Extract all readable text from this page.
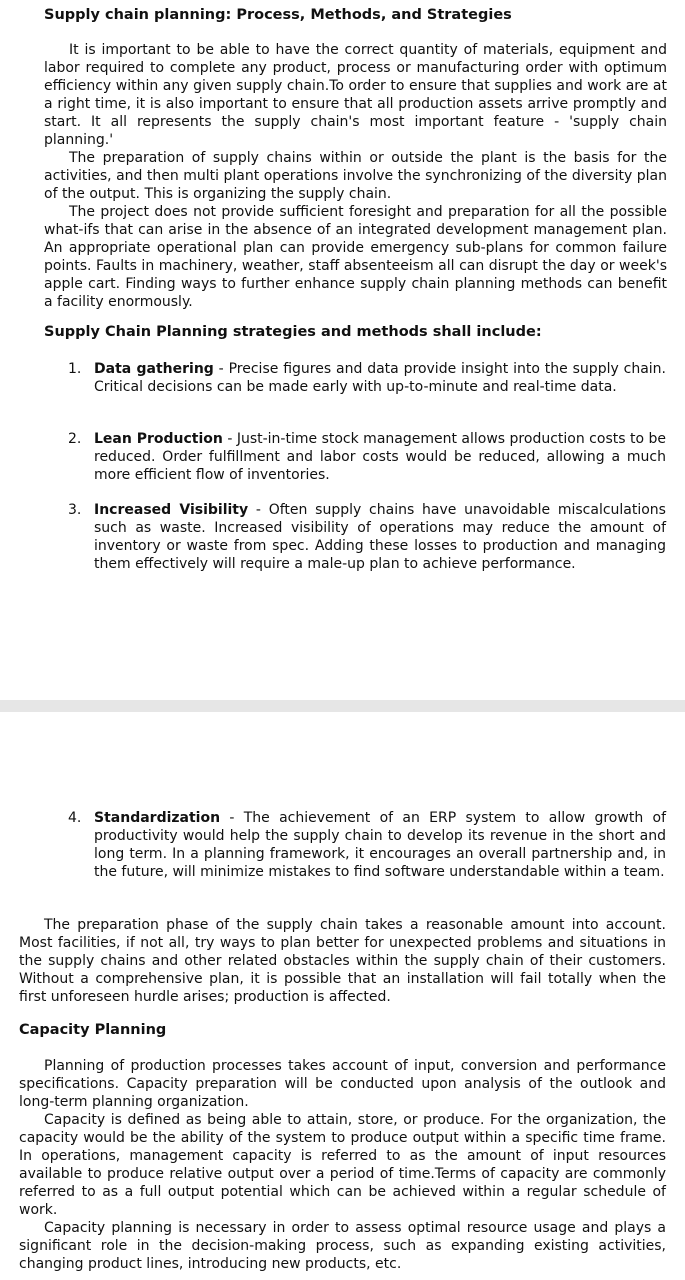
Supply chain planning: Process, Methods, and Strategies

It is important to be able to have the correct quantity of materials, equipment and labor required to complete any product, process or manufacturing order with optimum efficiency within any given supply chain.To order to ensure that supplies and work are at a right time, it is also important to ensure that all production assets arrive promptly and start. It all represents the supply chain's most important feature - 'supply chain planning.'

The preparation of supply chains within or outside the plant is the basis for the activities, and then multi plant operations involve the synchronizing of the diversity plan of the output. This is organizing the supply chain.

The project does not provide sufficient foresight and preparation for all the possible what-ifs that can arise in the absence of an integrated development management plan. An appropriate operational plan can provide emergency sub-plans for common failure points. Faults in machinery, weather, staff absenteeism all can disrupt the day or week's apple cart. Finding ways to further enhance supply chain planning methods can benefit a facility enormously.

Supply Chain Planning strategies and methods shall include:
1. Data gathering - Precise figures and data provide insight into the supply chain. Critical decisions can be made early with up-to-minute and real-time data.
2. Lean Production - Just-in-time stock management allows production costs to be reduced. Order fulfillment and labor costs would be reduced, allowing a much more efficient flow of inventories.
3. Increased Visibility - Often supply chains have unavoidable miscalculations such as waste. Increased visibility of operations may reduce the amount of inventory or waste from spec. Adding these losses to production and managing them effectively will require a male-up plan to achieve performance.
4. Standardization - The achievement of an ERP system to allow growth of productivity would help the supply chain to develop its revenue in the short and long term. In a planning framework, it encourages an overall partnership and, in the future, will minimize mistakes to find software understandable within a team.

The preparation phase of the supply chain takes a reasonable amount into account. Most facilities, if not all, try ways to plan better for unexpected problems and situations in the supply chains and other related obstacles within the supply chain of their customers. Without a comprehensive plan, it is possible that an installation will fail totally when the first unforeseen hurdle arises; production is affected.

Capacity Planning

Planning of production processes takes account of input, conversion and performance specifications. Capacity preparation will be conducted upon analysis of the outlook and long-term planning organization.

Capacity is defined as being able to attain, store, or produce. For the organization, the capacity would be the ability of the system to produce output within a specific time frame. In operations, management capacity is referred to as the amount of input resources available to produce relative output over a period of time.Terms of capacity are commonly referred to as a full output potential which can be achieved within a regular schedule of work.

Capacity planning is necessary in order to assess optimal resource usage and plays a significant role in the decision-making process, such as expanding existing activities, changing product lines, introducing new products, etc.
